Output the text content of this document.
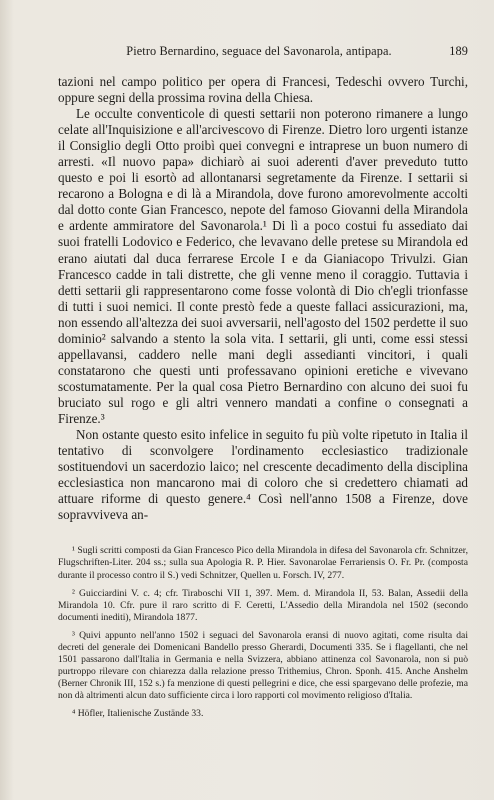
Pietro Bernardino, seguace del Savonarola, antipapa.	189

tazioni nel campo politico per opera di Francesi, Tedeschi ovvero Turchi, oppure segni della prossima rovina della Chiesa.

Le occulte conventicole di questi settarii non poterono rimanere a lungo celate all'Inquisizione e all'arcivescovo di Firenze. Dietro loro urgenti istanze il Consiglio degli Otto proibì quei convegni e intraprese un buon numero di arresti. «Il nuovo papa» dichiarò ai suoi aderenti d'aver preveduto tutto questo e poi li esortò ad allontanarsi segretamente da Firenze. I settarii si recarono a Bologna e di là a Mirandola, dove furono amorevolmente accolti dal dotto conte Gian Francesco, nepote del famoso Giovanni della Mirandola e ardente ammiratore del Savonarola.¹ Di lì a poco costui fu assediato dai suoi fratelli Lodovico e Federico, che levavano delle pretese su Mirandola ed erano aiutati dal duca ferrarese Ercole I e da Gianiacopo Trivulzi. Gian Francesco cadde in tali distrette, che gli venne meno il coraggio. Tuttavia i detti settarii gli rappresentarono come fosse volontà di Dio ch'egli trionfasse di tutti i suoi nemici. Il conte prestò fede a queste fallaci assicurazioni, ma, non essendo all'altezza dei suoi avversarii, nell'agosto del 1502 perdette il suo dominio² salvando a stento la sola vita. I settarii, gli unti, come essi stessi appellavansi, caddero nelle mani degli assedianti vincitori, i quali constatarono che questi unti professavano opinioni eretiche e vivevano scostumatamente. Per la qual cosa Pietro Bernardino con alcuno dei suoi fu bruciato sul rogo e gli altri vennero mandati a confine o consegnati a Firenze.³

Non ostante questo esito infelice in seguito fu più volte ripetuto in Italia il tentativo di sconvolgere l'ordinamento ecclesiastico tradizionale sostituendovi un sacerdozio laico; nel crescente decadimento della disciplina ecclesiastica non mancarono mai di coloro che si credettero chiamati ad attuare riforme di questo genere.⁴ Così nell'anno 1508 a Firenze, dove sopravviveva an-

¹ Sugli scritti composti da Gian Francesco Pico della Mirandola in difesa del Savonarola cfr. Schnitzer, Flugschriften-Liter. 204 ss.; sulla sua Apologia R. P. Hier. Savonarolae Ferrariensis O. Fr. Pr. (composta durante il processo contro il S.) vedi Schnitzer, Quellen u. Forsch. IV, 277.

² Guicciardini V. c. 4; cfr. Tiraboschi VII 1, 397. Mem. d. Mirandola II, 53. Balan, Assedii della Mirandola 10. Cfr. pure il raro scritto di F. Ceretti, L'Assedio della Mirandola nel 1502 (secondo documenti inediti), Mirandola 1877.

³ Quivi appunto nell'anno 1502 i seguaci del Savonarola eransi di nuovo agitati, come risulta dai decreti del generale dei Domenicani Bandello presso Gherardi, Documenti 335. Se i flagellanti, che nel 1501 passarono dall'Italia in Germania e nella Svizzera, abbiano attinenza col Savonarola, non si può purtroppo rilevare con chiarezza dalla relazione presso Trithemius, Chron. Sponh. 415. Anche Anshelm (Berner Chronik III, 152 s.) fa menzione di questi pellegrini e dice, che essi spargevano delle profezie, ma non dà altrimenti alcun dato sufficiente circa i loro rapporti col movimento religioso d'Italia.

⁴ Höfler, Italienische Zustände 33.
